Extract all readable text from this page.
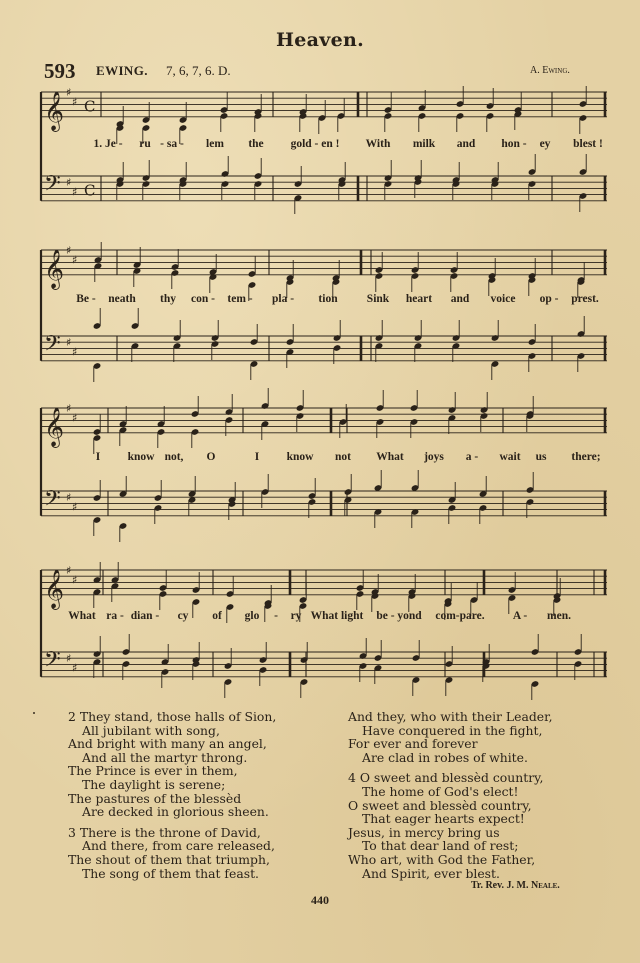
Heaven.
593 EWING. 7, 6, 7, 6. D.	A. Ewing.
𝄞 ♯
♯ C
𝄢 ♯
♯ C
𝄞 ♯
♯
𝄢 ♯
♯
𝄞 ♯
♯
𝄢 ♯
♯
𝄞 ♯
♯
𝄢 ♯
♯
1. Je - ru - sa - lem the gold - en ! With milk and hon - ey blest !
Be - neath thy con - tem - pla - tion	Sink heart and voice op - prest.
I know not, O	I know not What joys a - wait us there;
What ra - dian - cy of glo - ry What light be - yond com-pare. A - men.
2 They stand, those halls of Sion,
All jubilant with song,
And bright with many an angel,
And all the martyr throng.
The Prince is ever in them,
The daylight is serene;
The pastures of the blessèd
Are decked in glorious sheen.
3 There is the throne of David,
And there, from care released,
The shout of them that triumph,
The song of them that feast.
And they, who with their Leader,
Have conquered in the fight,
For ever and forever
Are clad in robes of white.
4 O sweet and blessèd country,
The home of God's elect!
O sweet and blessèd country,
That eager hearts expect!
Jesus, in mercy bring us
To that dear land of rest;
Who art, with God the Father,
And Spirit, ever blest.
Tr. Rev. J. M. Neale.
440
